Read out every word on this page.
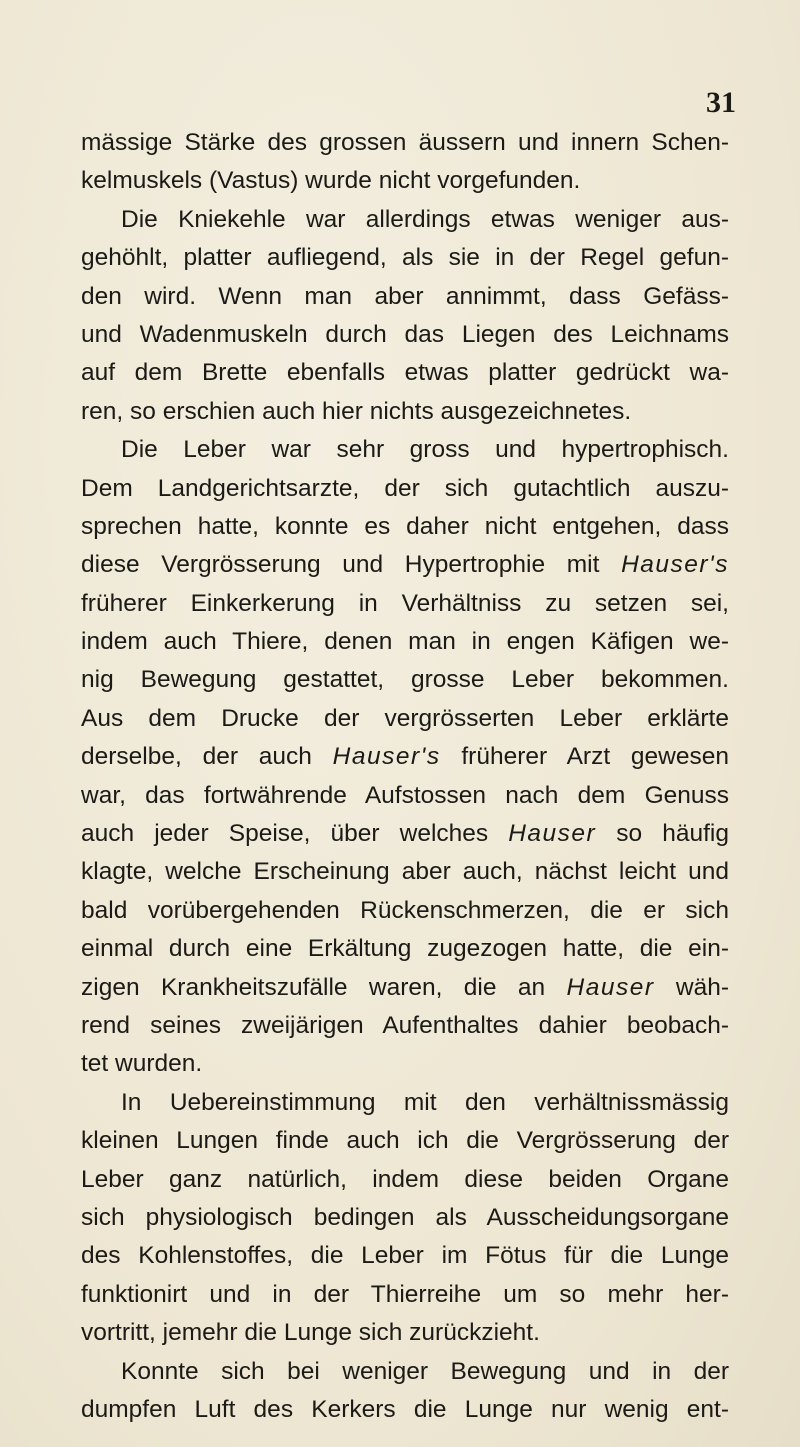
31
mässige Stärke des grossen äussern und innern Schen-
kelmuskels (Vastus) wurde nicht vorgefunden.
Die Kniekehle war allerdings etwas weniger aus-
gehöhlt, platter aufliegend, als sie in der Regel gefun-
den wird. Wenn man aber annimmt, dass Gefäss-
und Wadenmuskeln durch das Liegen des Leichnams
auf dem Brette ebenfalls etwas platter gedrückt wa-
ren, so erschien auch hier nichts ausgezeichnetes.
Die Leber war sehr gross und hypertrophisch.
Dem Landgerichtsarzte, der sich gutachtlich auszu-
sprechen hatte, konnte es daher nicht entgehen, dass
diese Vergrösserung und Hypertrophie mit Hauser's
früherer Einkerkerung in Verhältniss zu setzen sei,
indem auch Thiere, denen man in engen Käfigen we-
nig Bewegung gestattet, grosse Leber bekommen.
Aus dem Drucke der vergrösserten Leber erklärte
derselbe, der auch Hauser's früherer Arzt gewesen
war, das fortwährende Aufstossen nach dem Genuss
auch jeder Speise, über welches Hauser so häufig
klagte, welche Erscheinung aber auch, nächst leicht und
bald vorübergehenden Rückenschmerzen, die er sich
einmal durch eine Erkältung zugezogen hatte, die ein-
zigen Krankheitszufälle waren, die an Hauser wäh-
rend seines zweijärigen Aufenthaltes dahier beobach-
tet wurden.
In Uebereinstimmung mit den verhältnissmässig
kleinen Lungen finde auch ich die Vergrösserung der
Leber ganz natürlich, indem diese beiden Organe
sich physiologisch bedingen als Ausscheidungsorgane
des Kohlenstoffes, die Leber im Fötus für die Lunge
funktionirt und in der Thierreihe um so mehr her-
vortritt, jemehr die Lunge sich zurückzieht.
Konnte sich bei weniger Bewegung und in der
dumpfen Luft des Kerkers die Lunge nur wenig ent-
